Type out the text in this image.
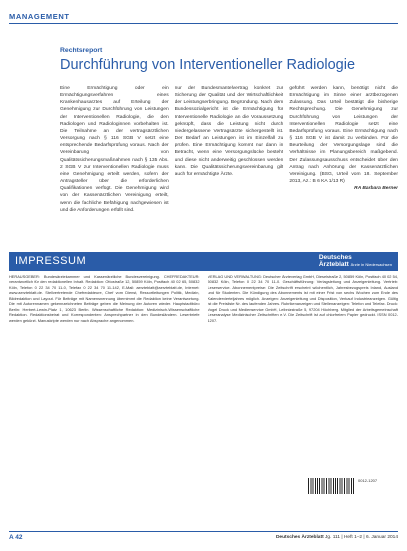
MANAGEMENT
Rechtsreport
Durchführung von Interventioneller Radiologie
Eine Ermächtigung oder ein Ermächtigungsverfahren eines Krankenhausarztes auf Erteilung der Genehmigung zur Durchführung von Leistungen der Interventionellen Radiologie, die den Radiologen und Radiologinnen vorbehalten ist. Die Teilnahme an der vertragsärztlichen Versorgung nach § 116 SGB V setzt eine entsprechende Bedarfsprüfung voraus. Nach der Vereinbarung von Qualitätssicherungsmaßnahmen nach § 135 Abs. 2 SGB V zur Interventionellen Radiologie muss eine Genehmigung erteilt werden, sofern der Antragsteller über die erforderlichen Qualifikationen verfügt. Die Genehmigung wird von der Kassenärztlichen Vereinigung erteilt, wenn die fachliche Befähigung nachgewiesen ist und die Anforderungen erfüllt sind.
nur der Bundesmantelvertrag konkret zur Sicherung der Qualität und der Wirtschaftlichkeit der Leistungserbringung. Begründung. Nach dem Bundessozialgericht ist die Ermächtigung für Interventionelle Radiologie an die Voraussetzung geknüpft, dass die Leistung nicht durch niedergelassene Vertragsärzte sichergestellt ist. Der Bedarf an Leistungen ist im Einzelfall zu prüfen. Eine Ermächtigung kommt nur dann in Betracht, wenn eine Versorgungslücke besteht und diese nicht anderweitig geschlossen werden kann. Die Qualitätssicherungsvereinbarung gilt auch für ermächtigte Ärzte.
geführt werden kann, benötigt nicht die Ermächtigung im Sinne einer arztbezogenen Zulassung. Das Urteil bestätigt die bisherige Rechtsprechung. Die Genehmigung zur Durchführung von Leistungen der Interventionellen Radiologie setzt eine Bedarfsprüfung voraus. Eine Ermächtigung nach § 116 SGB V ist damit zu verbinden. Für die Beurteilung der Versorgungslage sind die Verhältnisse im Planungsbereich maßgebend. Der Zulassungsausschuss entscheidet über den Antrag nach Anhörung der Kassenärztlichen Vereinigung. (BSG, Urteil vom 18. September 2013, Az.: B 6 KA 1/13 R)
RA Barbara Berner
IMPRESSUM	Deutsches
Ärzteblatt Ärzte in Niedersachsen
HERAUSGEBER: Bundesärztekammer und Kassenärztliche Bundesvereinigung. CHEFREDAKTEUR: verantwortlich für den redaktionellen Inhalt. Redaktion: Ottostraße 12, 50859 Köln, Postfach 40 02 65, 50832 Köln, Telefon 0 22 34 70 11-0, Telefax 0 22 34 70 11-142, E-Mail: aerzteblatt@aerzteblatt.de, Internet: www.aerzteblatt.de. Stellvertretende Chefredakteure, Chef vom Dienst, Ressortleitungen Politik, Medizin, Bildredaktion und Layout. Für Beiträge mit Namensnennung übernimmt die Redaktion keine Verantwortung. Die mit Autorennamen gekennzeichneten Beiträge geben die Meinung der Autoren wieder. Hauptstadtbüro Berlin: Herbert-Lewin-Platz 1, 10623 Berlin. Wissenschaftliche Redaktion: Medizinisch-Wissenschaftliche Redaktion. Redaktionsbeirat und Korrespondenten: Ansprechpartner in den Bundesländern. Leserbriefe werden gekürzt. Manuskripte werden nur nach Absprache angenommen.
VERLAG UND VERWALTUNG: Deutscher Ärzteverlag GmbH, Dieselstraße 2, 50859 Köln, Postfach 40 02 54, 50832 Köln, Telefon 0 22 34 70 11-0. Geschäftsführung: Verlagsleitung und Anzeigenleitung. Vertrieb: Leserservice. Abonnementpreise: Die Zeitschrift erscheint wöchentlich, Jahresbezugspreis Inland, Ausland und für Studenten. Die Kündigung des Abonnements ist mit einer Frist von sechs Wochen zum Ende des Kalendervierteljahres möglich. Anzeigen: Anzeigenleitung und Disposition, Verkauf Industrieanzeigen. Gültig ist die Preisliste Nr. des laufenden Jahres. Rubrikenanzeigen und Stellenanzeigen: Telefon und Telefax. Druck: Vogel Druck und Medienservice GmbH, Leibnizstraße 5, 97204 Höchberg. Mitglied der Arbeitsgemeinschaft Leseranalyse Medizinischer Zeitschriften e.V. Die Zeitschrift ist auf chlorfreiem Papier gedruckt. ISSN 0012-1207.
0012-1207
A 42	Deutsches Ärzteblatt Jg. 111 | Heft 1–2 | 6. Januar 2014
